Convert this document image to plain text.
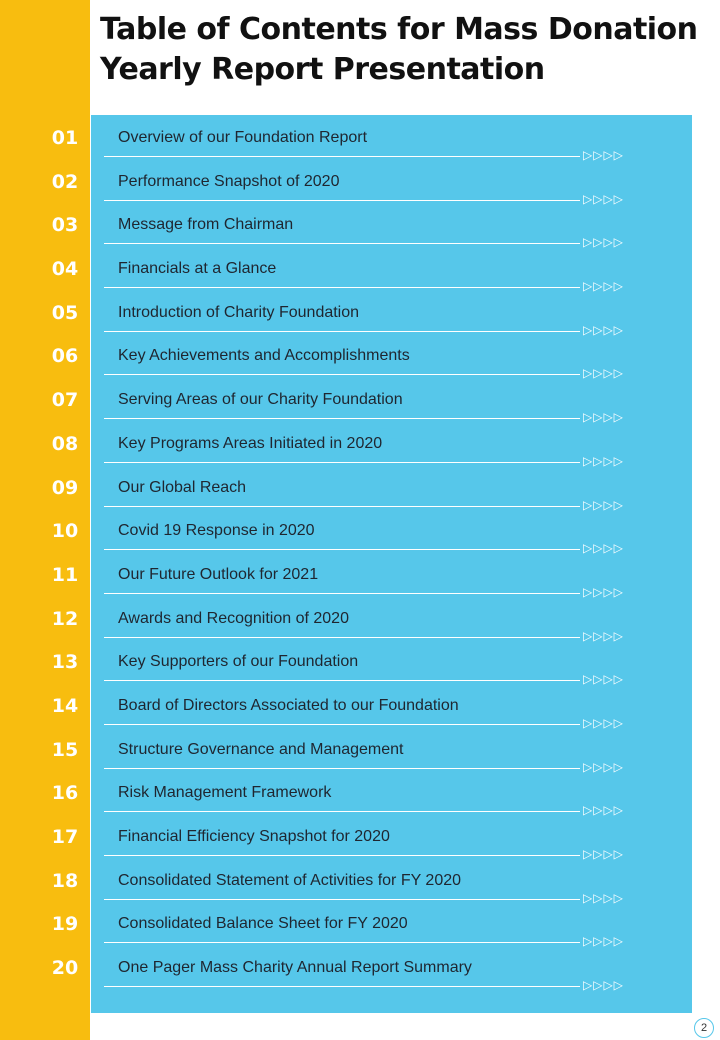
Table of Contents for Mass Donation Yearly Report Presentation
01	Overview of our Foundation Report
▷▷▷▷
02	Performance Snapshot of 2020
▷▷▷▷
03	Message from Chairman
▷▷▷▷
04	Financials at a Glance
▷▷▷▷
05	Introduction of Charity Foundation
▷▷▷▷
06	Key Achievements and Accomplishments
▷▷▷▷
07	Serving Areas of our Charity Foundation
▷▷▷▷
08	Key Programs Areas Initiated in 2020
▷▷▷▷
09	Our Global Reach
▷▷▷▷
10	Covid 19 Response in 2020
▷▷▷▷
11	Our Future Outlook for 2021
▷▷▷▷
12	Awards and Recognition of 2020
▷▷▷▷
13	Key Supporters of our Foundation
▷▷▷▷
14	Board of Directors Associated to our Foundation
▷▷▷▷
15	Structure Governance and Management
▷▷▷▷
16	Risk Management Framework
▷▷▷▷
17	Financial Efficiency Snapshot for 2020
▷▷▷▷
18	Consolidated Statement of Activities for FY 2020
▷▷▷▷
19	Consolidated Balance Sheet for FY 2020
▷▷▷▷
20	One Pager Mass Charity Annual Report Summary
▷▷▷▷
2
